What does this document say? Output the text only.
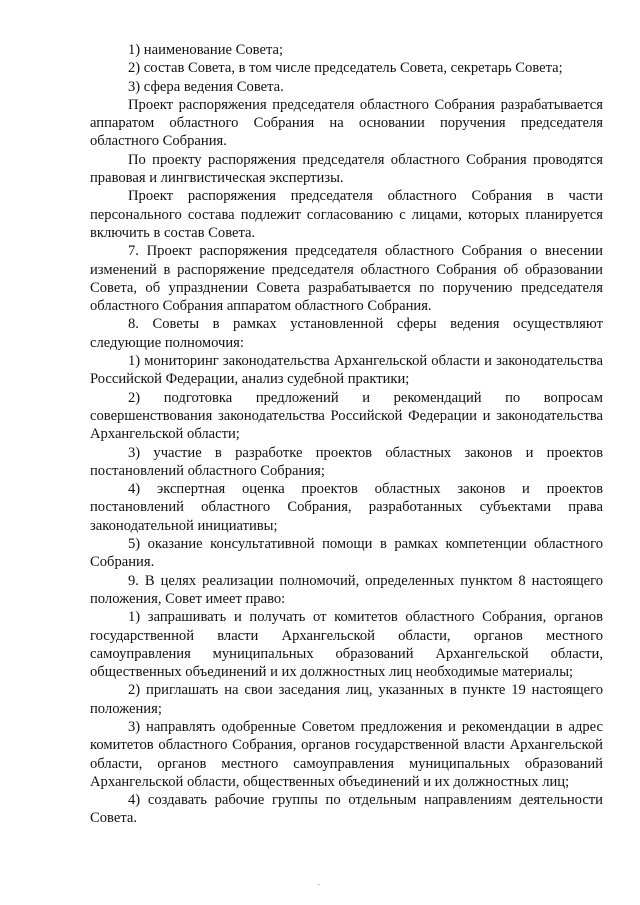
1) наименование Совета;

2) состав Совета, в том числе председатель Совета, секретарь Совета;

3) сфера ведения Совета.

Проект распоряжения председателя областного Собрания разрабатывается аппаратом областного Собрания на основании поручения председателя областного Собрания.

По проекту распоряжения председателя областного Собрания проводятся правовая и лингвистическая экспертизы.

Проект распоряжения председателя областного Собрания в части персонального состава подлежит согласованию с лицами, которых планируется включить в состав Совета.

7. Проект распоряжения председателя областного Собрания о внесении изменений в распоряжение председателя областного Собрания об образовании Совета, об упразднении Совета разрабатывается по поручению председателя областного Собрания аппаратом областного Собрания.

8. Советы в рамках установленной сферы ведения осуществляют следующие полномочия:

1) мониторинг законодательства Архангельской области и законодательства Российской Федерации, анализ судебной практики;

2) подготовка предложений и рекомендаций по вопросам совершенствования законодательства Российской Федерации и законодательства Архангельской области;

3) участие в разработке проектов областных законов и проектов постановлений областного Собрания;

4) экспертная оценка проектов областных законов и проектов постановлений областного Собрания, разработанных субъектами права законодательной инициативы;

5) оказание консультативной помощи в рамках компетенции областного Собрания.

9. В целях реализации полномочий, определенных пунктом 8 настоящего положения, Совет имеет право:

1) запрашивать и получать от комитетов областного Собрания, органов государственной власти Архангельской области, органов местного самоуправления муниципальных образований Архангельской области, общественных объединений и их должностных лиц необходимые материалы;

2) приглашать на свои заседания лиц, указанных в пункте 19 настоящего положения;

3) направлять одобренные Советом предложения и рекомендации в адрес комитетов областного Собрания, органов государственной власти Архангельской области, органов местного самоуправления муниципальных образований Архангельской области, общественных объединений и их должностных лиц;

4) создавать рабочие группы по отдельным направлениям деятельности Совета.
